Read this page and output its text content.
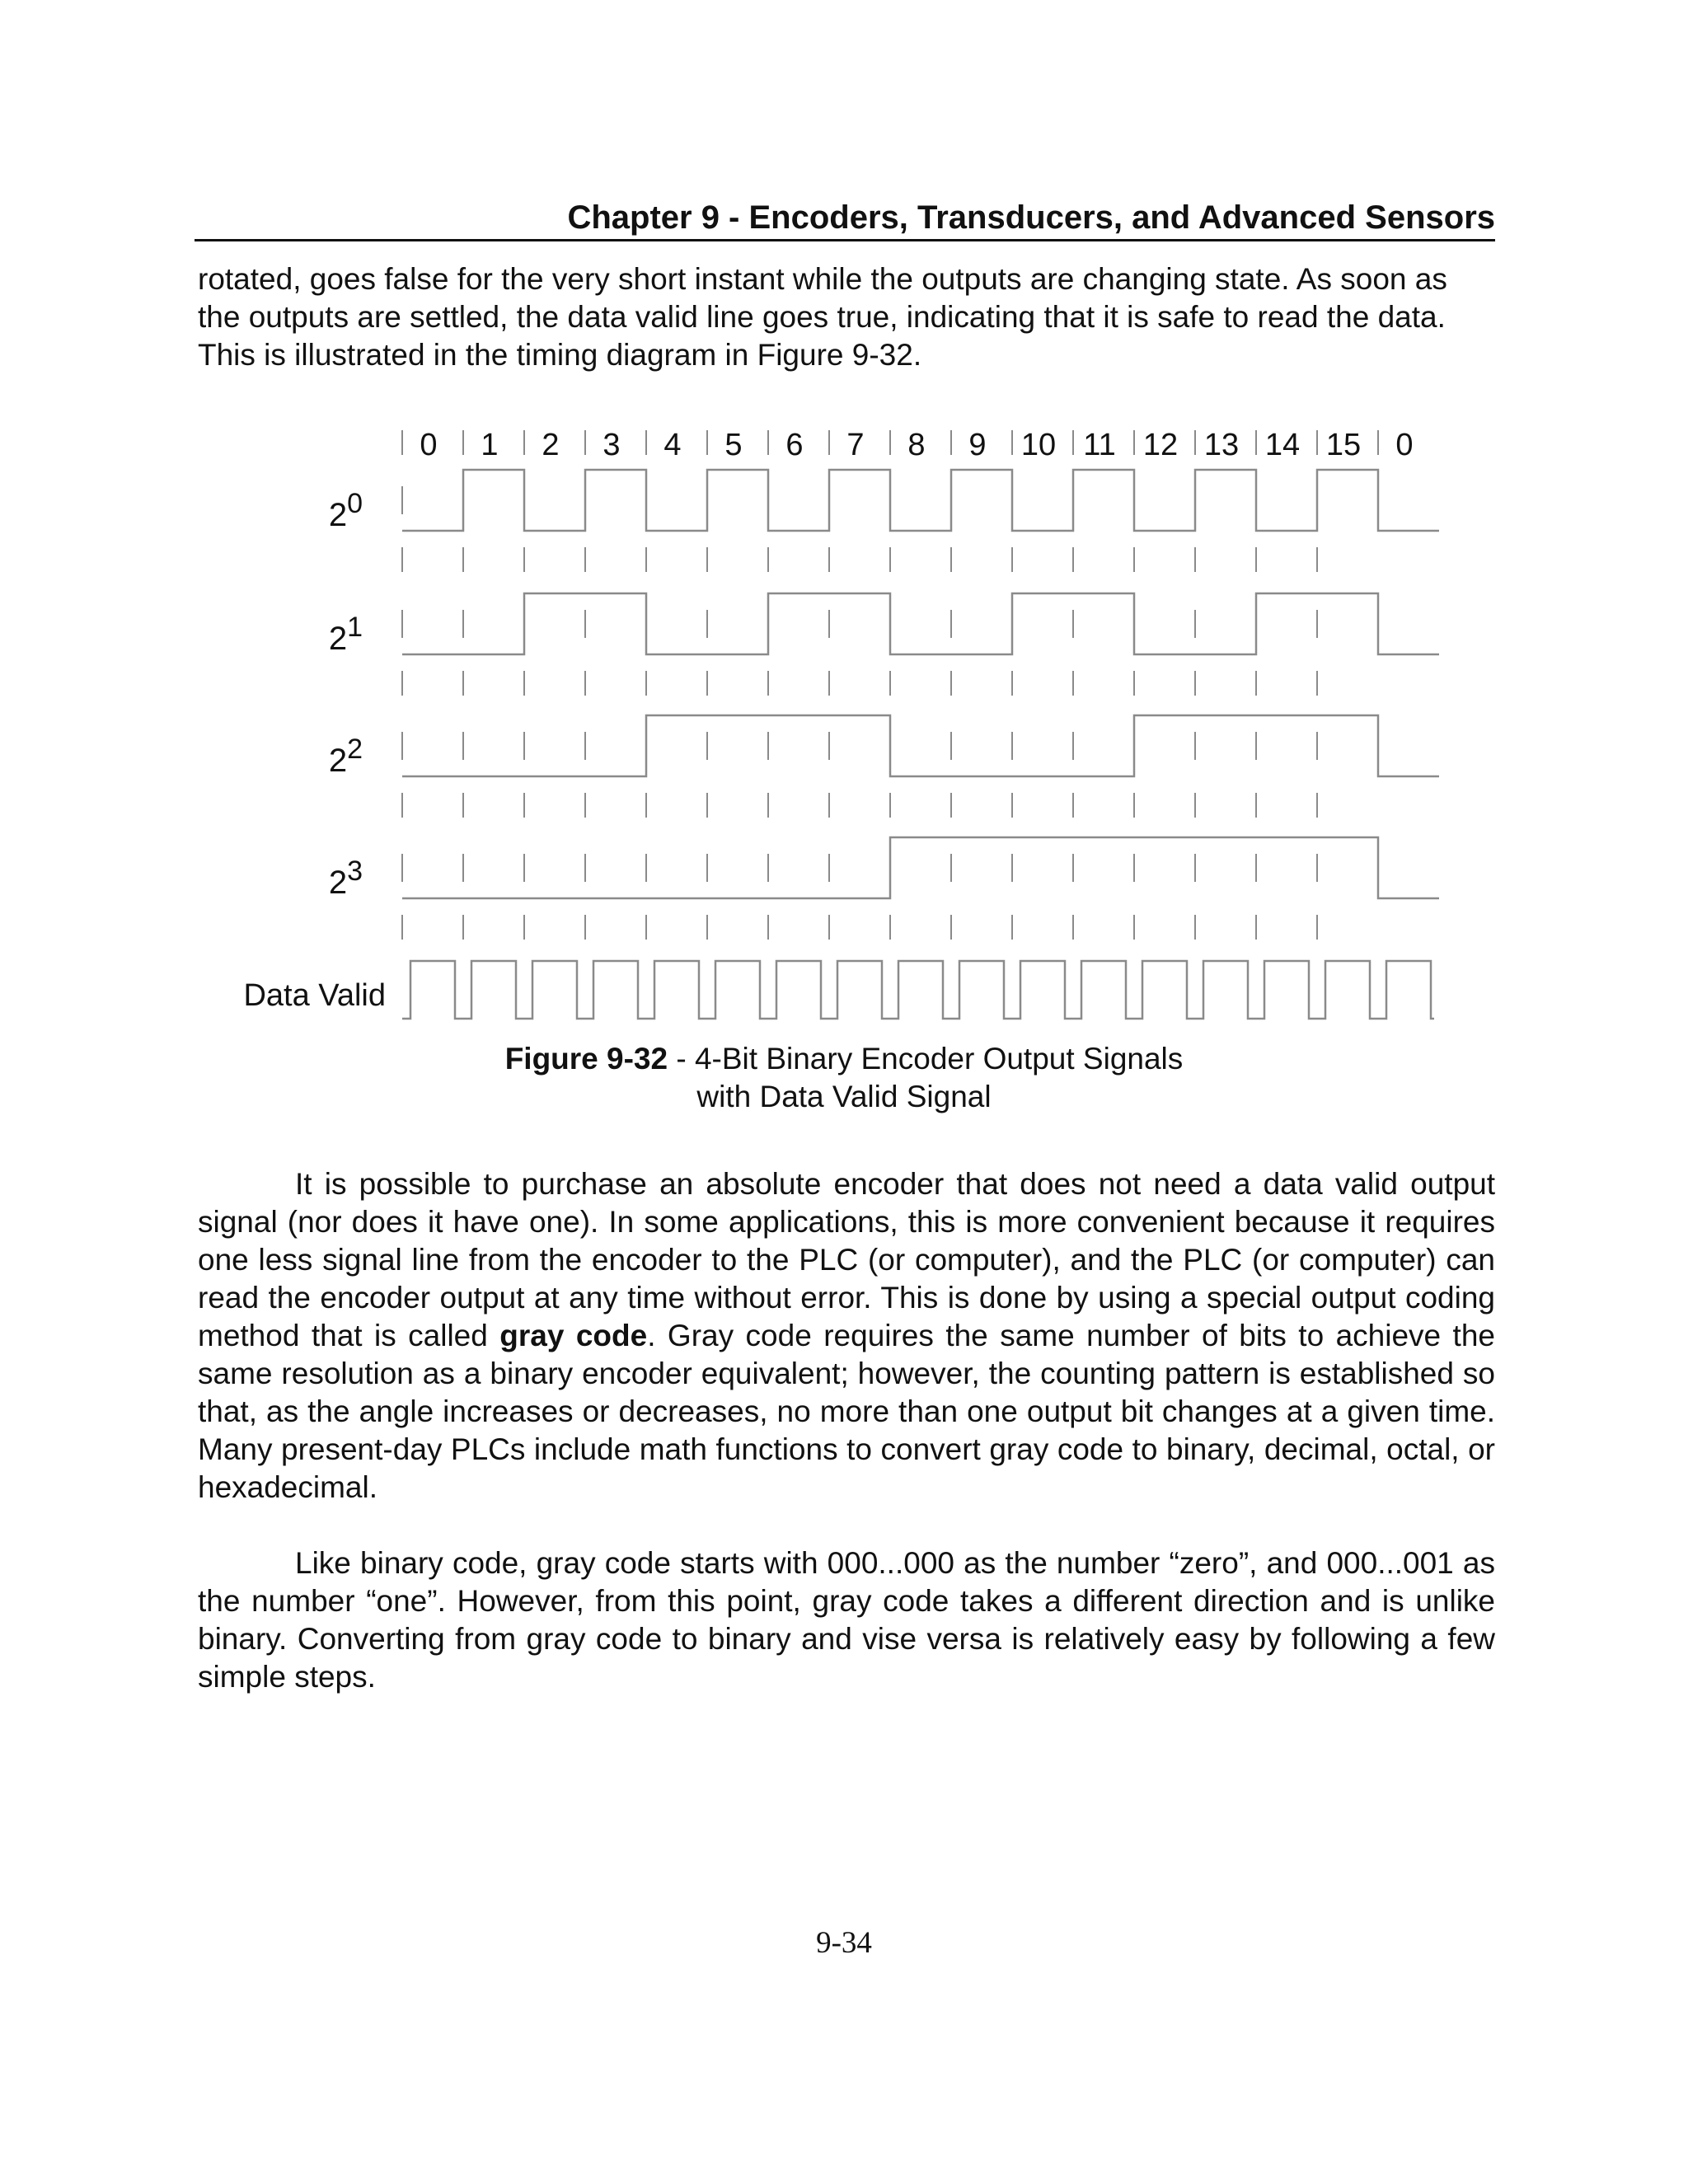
Chapter 9 - Encoders, Transducers, and Advanced Sensors

rotated, goes false for the very short instant while the outputs are changing state. As soon as the outputs are settled, the data valid line goes true, indicating that it is safe to read the data. This is illustrated in the timing diagram in Figure 9-32.

0 1 2 3 4 5 6 7 8 9 10 11 12 13 14 15 0
$2^0$
$2^1$
$2^2$
$2^3$
Data Valid
Figure 9-32 - 4-Bit Binary Encoder Output Signals
with Data Valid Signal

It is possible to purchase an absolute encoder that does not need a data valid output signal (nor does it have one). In some applications, this is more convenient because it requires one less signal line from the encoder to the PLC (or computer), and the PLC (or computer) can read the encoder output at any time without error. This is done by using a special output coding method that is called gray code. Gray code requires the same number of bits to achieve the same resolution as a binary encoder equivalent; however, the counting pattern is established so that, as the angle increases or decreases, no more than one output bit changes at a given time. Many present-day PLCs include math functions to convert gray code to binary, decimal, octal, or hexadecimal.

Like binary code, gray code starts with 000...000 as the number “zero”, and 000...001 as the number “one”. However, from this point, gray code takes a different direction and is unlike binary. Converting from gray code to binary and vise versa is relatively easy by following a few simple steps.

9-34
